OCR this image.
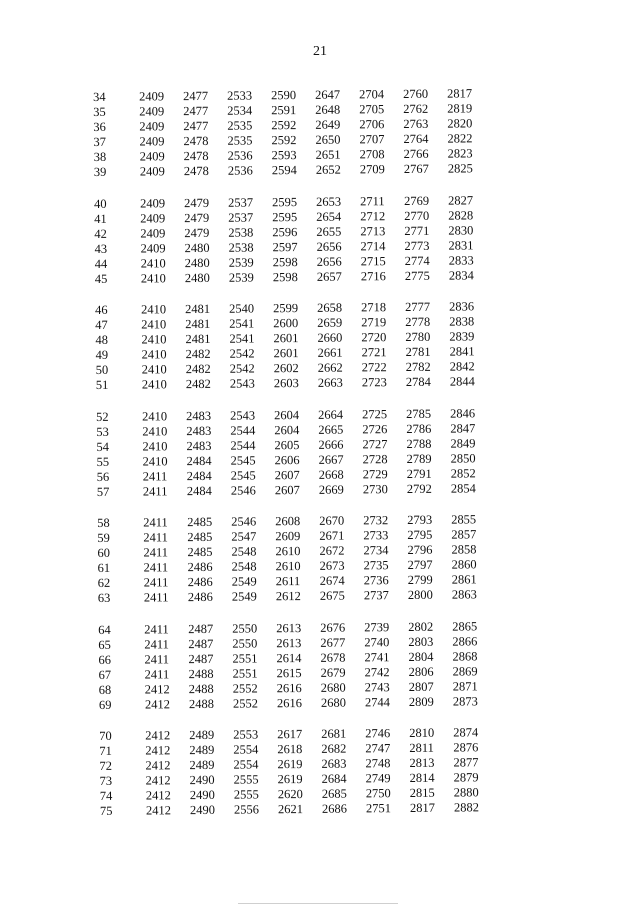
21
34	2409 2477 2533 2590 2647 2704 2760 2817
35	2409 2477 2534 2591 2648 2705 2762 2819
36	2409 2477 2535 2592 2649 2706 2763 2820
37	2409 2478 2535 2592 2650 2707 2764 2822
38	2409 2478 2536 2593 2651 2708 2766 2823
39	2409 2478 2536 2594 2652 2709 2767 2825
40	2409 2479 2537 2595 2653 2711 2769 2827
41	2409 2479 2537 2595 2654 2712 2770 2828
42	2409 2479 2538 2596 2655 2713 2771 2830
43	2409 2480 2538 2597 2656 2714 2773 2831
44	2410 2480 2539 2598 2656 2715 2774 2833
45	2410 2480 2539 2598 2657 2716 2775 2834
46	2410 2481 2540 2599 2658 2718 2777 2836
47	2410 2481 2541 2600 2659 2719 2778 2838
48	2410 2481 2541 2601 2660 2720 2780 2839
49	2410 2482 2542 2601 2661 2721 2781 2841
50	2410 2482 2542 2602 2662 2722 2782 2842
51	2410 2482 2543 2603 2663 2723 2784 2844
52	2410 2483 2543 2604 2664 2725 2785 2846
53	2410 2483 2544 2604 2665 2726 2786 2847
54	2410 2483 2544 2605 2666 2727 2788 2849
55	2410 2484 2545 2606 2667 2728 2789 2850
56	2411 2484 2545 2607 2668 2729 2791 2852
57	2411 2484 2546 2607 2669 2730 2792 2854
58	2411 2485 2546 2608 2670 2732 2793 2855
59	2411 2485 2547 2609 2671 2733 2795 2857
60	2411 2485 2548 2610 2672 2734 2796 2858
61	2411 2486 2548 2610 2673 2735 2797 2860
62	2411 2486 2549 2611 2674 2736 2799 2861
63	2411 2486 2549 2612 2675 2737 2800 2863
64	2411 2487 2550 2613 2676 2739 2802 2865
65	2411 2487 2550 2613 2677 2740 2803 2866
66	2411 2487 2551 2614 2678 2741 2804 2868
67	2411 2488 2551 2615 2679 2742 2806 2869
68	2412 2488 2552 2616 2680 2743 2807 2871
69	2412 2488 2552 2616 2680 2744 2809 2873
70	2412 2489 2553 2617 2681 2746 2810 2874
71	2412 2489 2554 2618 2682 2747 2811 2876
72	2412 2489 2554 2619 2683 2748 2813 2877
73	2412 2490 2555 2619 2684 2749 2814 2879
74	2412 2490 2555 2620 2685 2750 2815 2880
75	2412 2490 2556 2621 2686 2751 2817 2882
